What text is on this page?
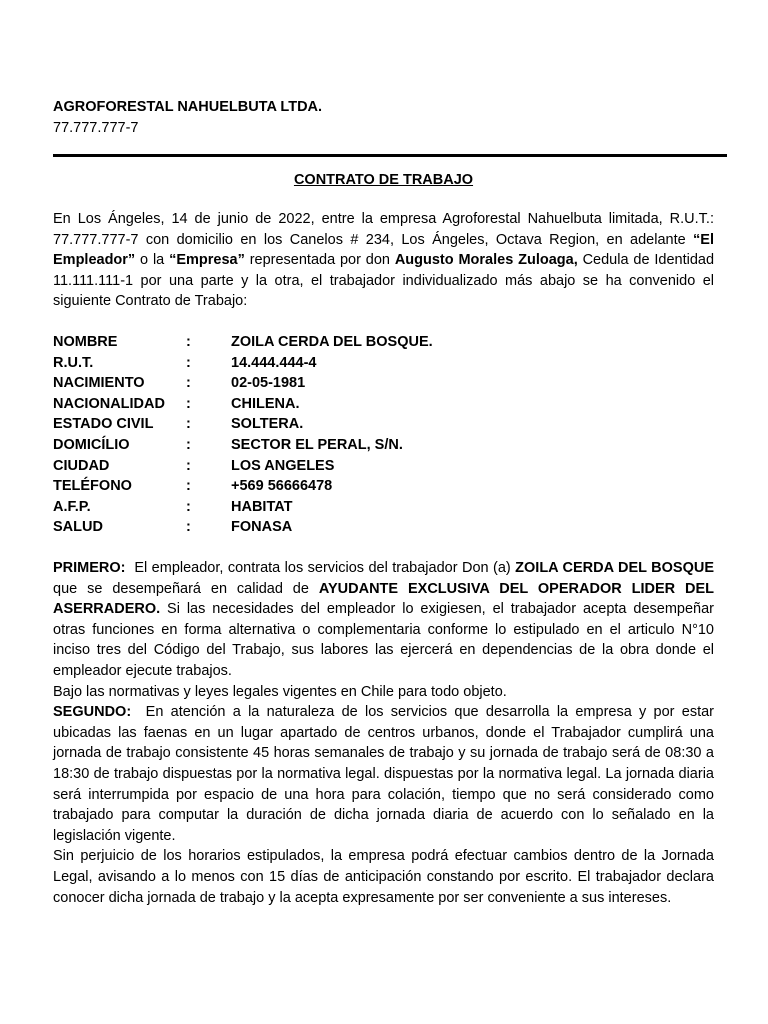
AGROFORESTAL NAHUELBUTA LTDA.
77.777.777-7
CONTRATO DE TRABAJO

En Los Ángeles, 14 de junio de 2022, entre la empresa Agroforestal Nahuelbuta limitada, R.U.T.: 77.777.777-7 con domicilio en los Canelos # 234, Los Ángeles, Octava Region, en adelante “El Empleador” o la “Empresa” representada por don Augusto Morales Zuloaga, Cedula de Identidad 11.111.111-1 por una parte y la otra, el trabajador individualizado más abajo se ha convenido el siguiente Contrato de Trabajo:

NOMBRE	:	ZOILA CERDA DEL BOSQUE.
R.U.T.	:	14.444.444-4
NACIMIENTO	:	02-05-1981
NACIONALIDAD	:	CHILENA.
ESTADO CIVIL	:	SOLTERA.
DOMICÍLIO	:	SECTOR EL PERAL, S/N.
CIUDAD	:	LOS ANGELES
TELÉFONO	:	+569 56666478
A.F.P.	:	HABITAT
SALUD	:	FONASA

PRIMERO:  El empleador, contrata los servicios del trabajador Don (a) ZOILA CERDA DEL BOSQUE que se desempeñará en calidad de AYUDANTE EXCLUSIVA DEL OPERADOR LIDER DEL ASERRADERO. Si las necesidades del empleador lo exigiesen, el trabajador acepta desempeñar otras funciones en forma alternativa o complementaria conforme lo estipulado en el articulo N°10 inciso tres del Código del Trabajo, sus labores las ejercerá en dependencias de la obra donde el empleador ejecute trabajos.

Bajo las normativas y leyes legales vigentes en Chile para todo objeto.

SEGUNDO:  En atención a la naturaleza de los servicios que desarrolla la empresa y por estar ubicadas las faenas en un lugar apartado de centros urbanos, donde el Trabajador cumplirá una jornada de trabajo consistente 45 horas semanales de trabajo y su jornada de trabajo será de 08:30 a 18:30 de trabajo dispuestas por la normativa legal. dispuestas por la normativa legal. La jornada diaria será interrumpida por espacio de una hora para colación, tiempo que no será considerado como trabajado para computar la duración de dicha jornada diaria de acuerdo con lo señalado en la legislación vigente.

Sin perjuicio de los horarios estipulados, la empresa podrá efectuar cambios dentro de la Jornada Legal, avisando a lo menos con 15 días de anticipación constando por escrito. El trabajador declara conocer dicha jornada de trabajo y la acepta expresamente por ser conveniente a sus intereses.
